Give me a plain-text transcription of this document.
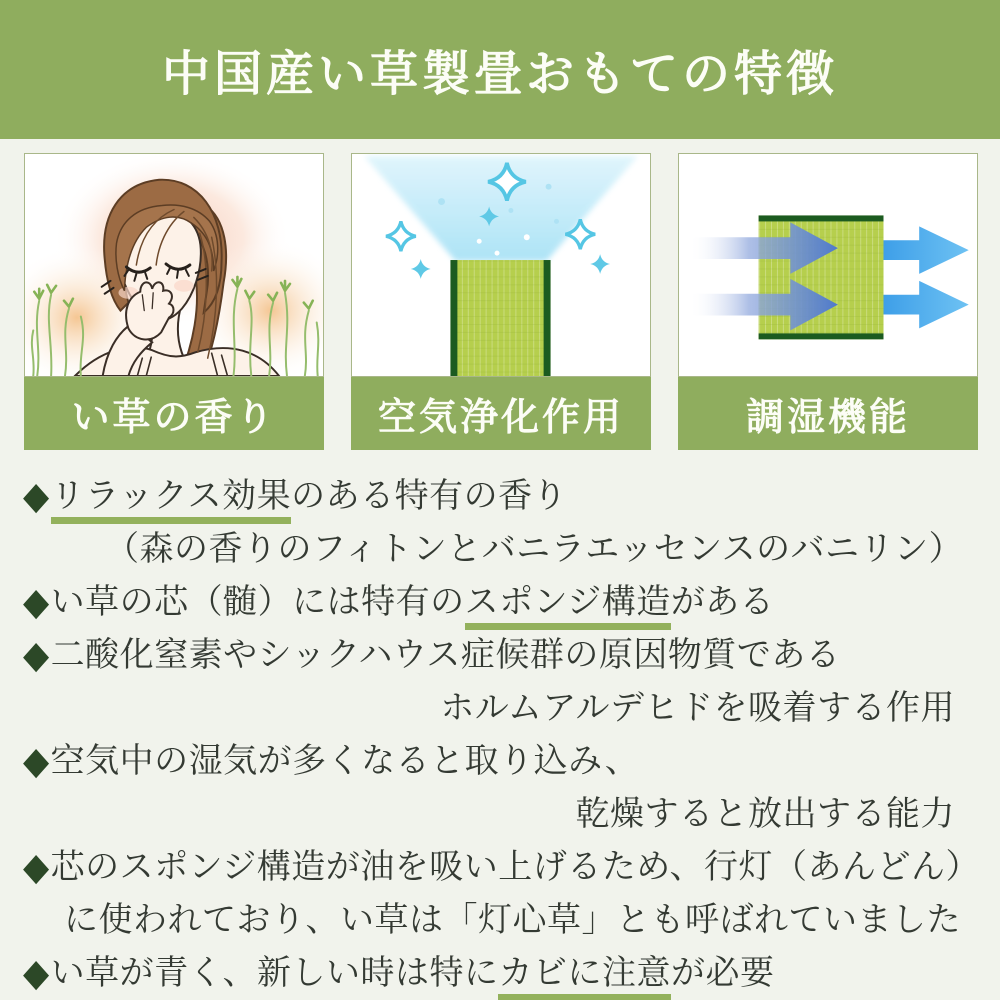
中国産い草製畳おもての特徴
い草の香り	空気浄化作用	調湿機能
◆リラックス効果のある特有の香り
（森の香りのフィトンとバニラエッセンスのバニリン）
◆い草の芯（髄）には特有のスポンジ構造がある
◆二酸化窒素やシックハウス症候群の原因物質である
ホルムアルデヒドを吸着する作用
◆空気中の湿気が多くなると取り込み、
乾燥すると放出する能力
◆芯のスポンジ構造が油を吸い上げるため、行灯（あんどん）
に使われており、い草は「灯心草」とも呼ばれていました
◆い草が青く、新しい時は特にカビに注意が必要
